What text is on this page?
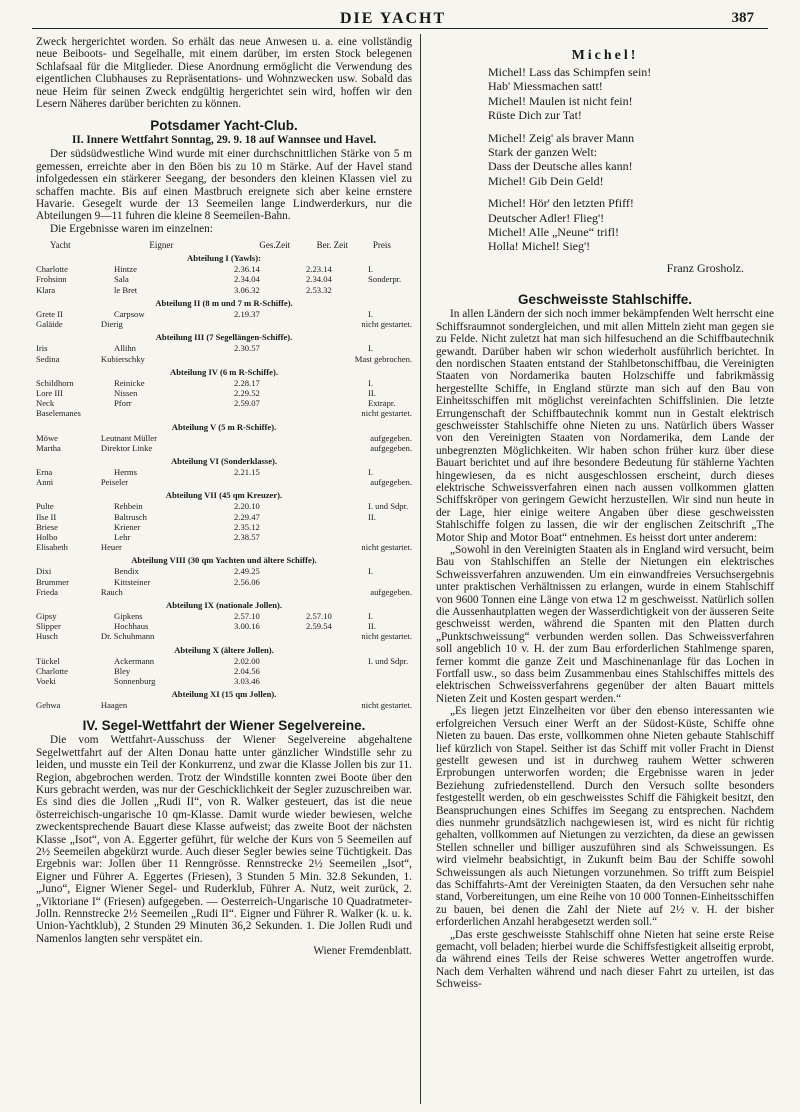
DIE YACHT	387

Zweck hergerichtet worden. So erhält das neue Anwesen u. a. eine vollständig neue Beiboots- und Segelhalle, mit einem darüber, im ersten Stock belegenen Schlafsaal für die Mitglieder. Diese Anordnung ermöglicht die Verwendung des eigentlichen Clubhauses zu Repräsentations- und Wohnzwecken usw. Sobald das neue Heim für seinen Zweck endgültig hergerichtet sein wird, hoffen wir den Lesern Näheres darüber berichten zu können.

Potsdamer Yacht-Club.
II. Innere Wettfahrt Sonntag, 29. 9. 18 auf Wannsee und Havel.

Der südsüdwestliche Wind wurde mit einer durchschnittlichen Stärke von 5 m gemessen, erreichte aber in den Böen bis zu 10 m Stärke. Auf der Havel stand infolgedessen ein stärkerer Seegang, der besonders den kleinen Klassen viel zu schaffen machte. Bis auf einen Mastbruch ereignete sich aber keine ernstere Havarie. Gesegelt wurde der 13 Seemeilen lange Lindwerderkurs, nur die Abteilungen 9—11 fuhren die kleine 8 Seemeilen-Bahn.

Die Ergebnisse waren im einzelnen:

Yacht	Eigner	Ges.Zeit	Ber. Zeit	Preis
Abteilung I (Yawls):
Charlotte	Hintze	2.36.14	2.23.14	I.
Frohsinn	Sala	2.34.04	2.34.04	Sonderpr.
Klara	le Bret	3.06.32	2.53.32
Abteilung II (8 m und 7 m R-Schiffe).
Grete II	Carpsow	2.19.37	I.
Galäide	Dierig	nicht gestartet.
Abteilung III (7 Segellängen-Schiffe).
Iris	Allihn	2.30.57	I.
Sedina	Kubierschky	Mast gebrochen.
Abteilung IV (6 m R-Schiffe).
Schildhorn	Reinicke	2.28.17	I.
Lore III	Nissen	2.29.52	II.
Neck	Pforr	2.59.07	Extrapr.
Baselemanes	nicht gestartet.
Abteilung V (5 m R-Schiffe).
Möwe	Leutnant Müller	aufgegeben.
Martha	Direktor Linke	aufgegeben.
Abteilung VI (Sonderklasse).
Erna	Herms	2.21.15	I.
Anni	Peiseler	aufgegeben.
Abteilung VII (45 qm Kreuzer).
Pulte	Rehbein	2.20.10	I. und Sdpr.
Ilse II	Baltrusch	2.29.47	II.
Briese	Kriener	2.35.12
Holbo	Lehr	2.38.57
Elisabeth	Heuer	nicht gestartet.
Abteilung VIII (30 qm Yachten und ältere Schiffe).
Dixi	Bendix	2.49.25	I.
Brummer	Kittsteiner	2.56.06
Frieda	Rauch	aufgegeben.
Abteilung IX (nationale Jollen).
Gipsy	Gipkens	2.57.10	2.57.10	I.
Slipper	Hochhaus	3.00.16	2.59.54	II.
Husch	Dr. Schuhmann	nicht gestartet.
Abteilung X (ältere Jollen).
Tückel	Ackermann	2.02.00	I. und Sdpr.
Charlotte	Bley	2.04.56
Voeki	Sonnenburg	3.03.46
Abteilung XI (15 qm Jollen).
Gehwa	Haagen	nicht gestartet.
IV. Segel-Wettfahrt der Wiener Segelvereine.

Die vom Wettfahrt-Ausschuss der Wiener Segelvereine abgehaltene Segelwettfahrt auf der Alten Donau hatte unter gänzlicher Windstille sehr zu leiden, und musste ein Teil der Konkurrenz, und zwar die Klasse Jollen bis zur 11. Region, abgebrochen werden. Trotz der Windstille konnten zwei Boote über den Kurs gebracht werden, was nur der Geschicklichkeit der Segler zuzuschreiben war. Es sind dies die Jollen „Rudi II“, von R. Walker gesteuert, das ist die neue österreichisch-ungarische 10 qm-Klasse. Damit wurde wieder bewiesen, welche zweckentsprechende Bauart diese Klasse aufweist; das zweite Boot der nächsten Klasse „Isot“, von A. Eggerter geführt, für welche der Kurs von 5 Seemeilen auf 2½ Seemeilen abgekürzt wurde. Auch dieser Segler bewies seine Tüchtigkeit. Das Ergebnis war: Jollen über 11 Renngrösse. Rennstrecke 2½ Seemeilen „Isot“, Eigner und Führer A. Eggertes (Friesen), 3 Stunden 5 Min. 32.8 Sekunden, 1. „Juno“, Eigner Wiener Segel- und Ruderklub, Führer A. Nutz, weit zurück, 2. „Viktoriane I“ (Friesen) aufgegeben. — Oesterreich-Ungarische 10 Quadratmeter-Jolln. Rennstrecke 2½ Seemeilen „Rudi II“. Eigner und Führer R. Walker (k. u. k. Union-Yachtklub), 2 Stunden 29 Minuten 36,2 Sekunden. 1. Die Jollen Rudi und Namenlos langten sehr verspätet ein.

Wiener Fremdenblatt.

Michel!
Michel! Lass das Schimpfen sein!
Hab' Miessmachen satt!
Michel! Maulen ist nicht fein!
Rüste Dich zur Tat!
Michel! Zeig' als braver Mann
Stark der ganzen Welt:
Dass der Deutsche alles kann!
Michel! Gib Dein Geld!
Michel! Hör' den letzten Pfiff!
Deutscher Adler! Flieg'!
Michel! Alle „Neune“ trifl!
Holla! Michel! Sieg'!

Franz Grosholz.

Geschweisste Stahlschiffe.

In allen Ländern der sich noch immer bekämpfenden Welt herrscht eine Schiffsraumnot sondergleichen, und mit allen Mitteln zieht man gegen sie zu Felde. Nicht zuletzt hat man sich hilfesuchend an die Schiffbautechnik gewandt. Darüber haben wir schon wiederholt ausführlich berichtet. In den nordischen Staaten entstand der Stahlbetonschiffbau, die Vereinigten Staaten von Nordamerika bauten Holzschiffe und fabrikmässig hergestellte Schiffe, in England stürzte man sich auf den Bau von Einheitsschiffen mit möglichst vereinfachten Schiffslinien. Die letzte Errungenschaft der Schiffbautechnik kommt nun in Gestalt elektrisch geschweisster Stahlschiffe ohne Nieten zu uns. Natürlich übers Wasser von den Vereinigten Staaten von Nordamerika, dem Lande der unbegrenzten Möglichkeiten. Wir haben schon früher kurz über diese Bauart berichtet und auf ihre besondere Bedeutung für stählerne Yachten hingewiesen, da es nicht ausgeschlossen erscheint, durch dieses elektrische Schweissverfahren einen nach aussen vollkommen glatten Schiffskröper von geringem Gewicht herzustellen. Wir sind nun heute in der Lage, hier einige weitere Angaben über diese geschweissten Stahlschiffe folgen zu lassen, die wir der englischen Zeitschrift „The Motor Ship and Motor Boat“ entnehmen. Es heisst dort unter anderem:

„Sowohl in den Vereinigten Staaten als in England wird versucht, beim Bau von Stahlschiffen an Stelle der Nietungen ein elektrisches Schweissverfahren anzuwenden. Um ein einwandfreies Versuchsergebnis unter praktischen Verhältnissen zu erlangen, wurde in einem Stahlschiff von 9600 Tonnen eine Länge von etwa 12 m geschweisst. Natürlich sollen die Aussenhautplatten wegen der Wasserdichtigkeit von der äusseren Seite geschweisst werden, während die Spanten mit den Platten durch „Punktschweissung“ verbunden werden sollen. Das Schweissverfahren soll angeblich 10 v. H. der zum Bau erforderlichen Stahlmenge sparen, ferner kommt die ganze Zeit und Maschinenanlage für das Lochen in Fortfall usw., so dass beim Zusammenbau eines Stahlschiffes mittels des elektrischen Schweissverfahrens gegenüber der alten Bauart mittels Nieten Zeit und Kosten gespart werden.“

„Es liegen jetzt Einzelheiten vor über den ebenso interessanten wie erfolgreichen Versuch einer Werft an der Südost-Küste, Schiffe ohne Nieten zu bauen. Das erste, vollkommen ohne Nieten gebaute Stahlschiff lief kürzlich von Stapel. Seither ist das Schiff mit voller Fracht in Dienst gestellt gewesen und ist in durchweg rauhem Wetter schweren Erprobungen unterworfen worden; die Ergebnisse waren in jeder Beziehung zufriedenstellend. Durch den Versuch sollte besonders festgestellt werden, ob ein geschweisstes Schiff die Fähigkeit besitzt, den Beanspruchungen eines Schiffes im Seegang zu entsprechen. Nachdem dies nunmehr grundsätzlich nachgewiesen ist, wird es nicht für richtig gehalten, vollkommen auf Nietungen zu verzichten, da diese an gewissen Stellen schneller und billiger auszuführen sind als Schweissungen. Es wird vielmehr beabsichtigt, in Zukunft beim Bau der Schiffe sowohl Schweissungen als auch Nietungen vorzunehmen. So trifft zum Beispiel das Schiffahrts-Amt der Vereinigten Staaten, da den Versuchen sehr nahe stand, Vorbereitungen, um eine Reihe von 10 000 Tonnen-Einheitsschiffen zu bauen, bei denen die Zahl der Niete auf 2½ v. H. der bisher erforderlichen Anzahl herabgesetzt werden soll.“

„Das erste geschweisste Stahlschiff ohne Nieten hat seine erste Reise gemacht, voll beladen; hierbei wurde die Schiffsfestigkeit allseitig erprobt, da während eines Teils der Reise schweres Wetter angetroffen wurde. Nach dem Verhalten während und nach dieser Fahrt zu urteilen, ist das Schweiss-
